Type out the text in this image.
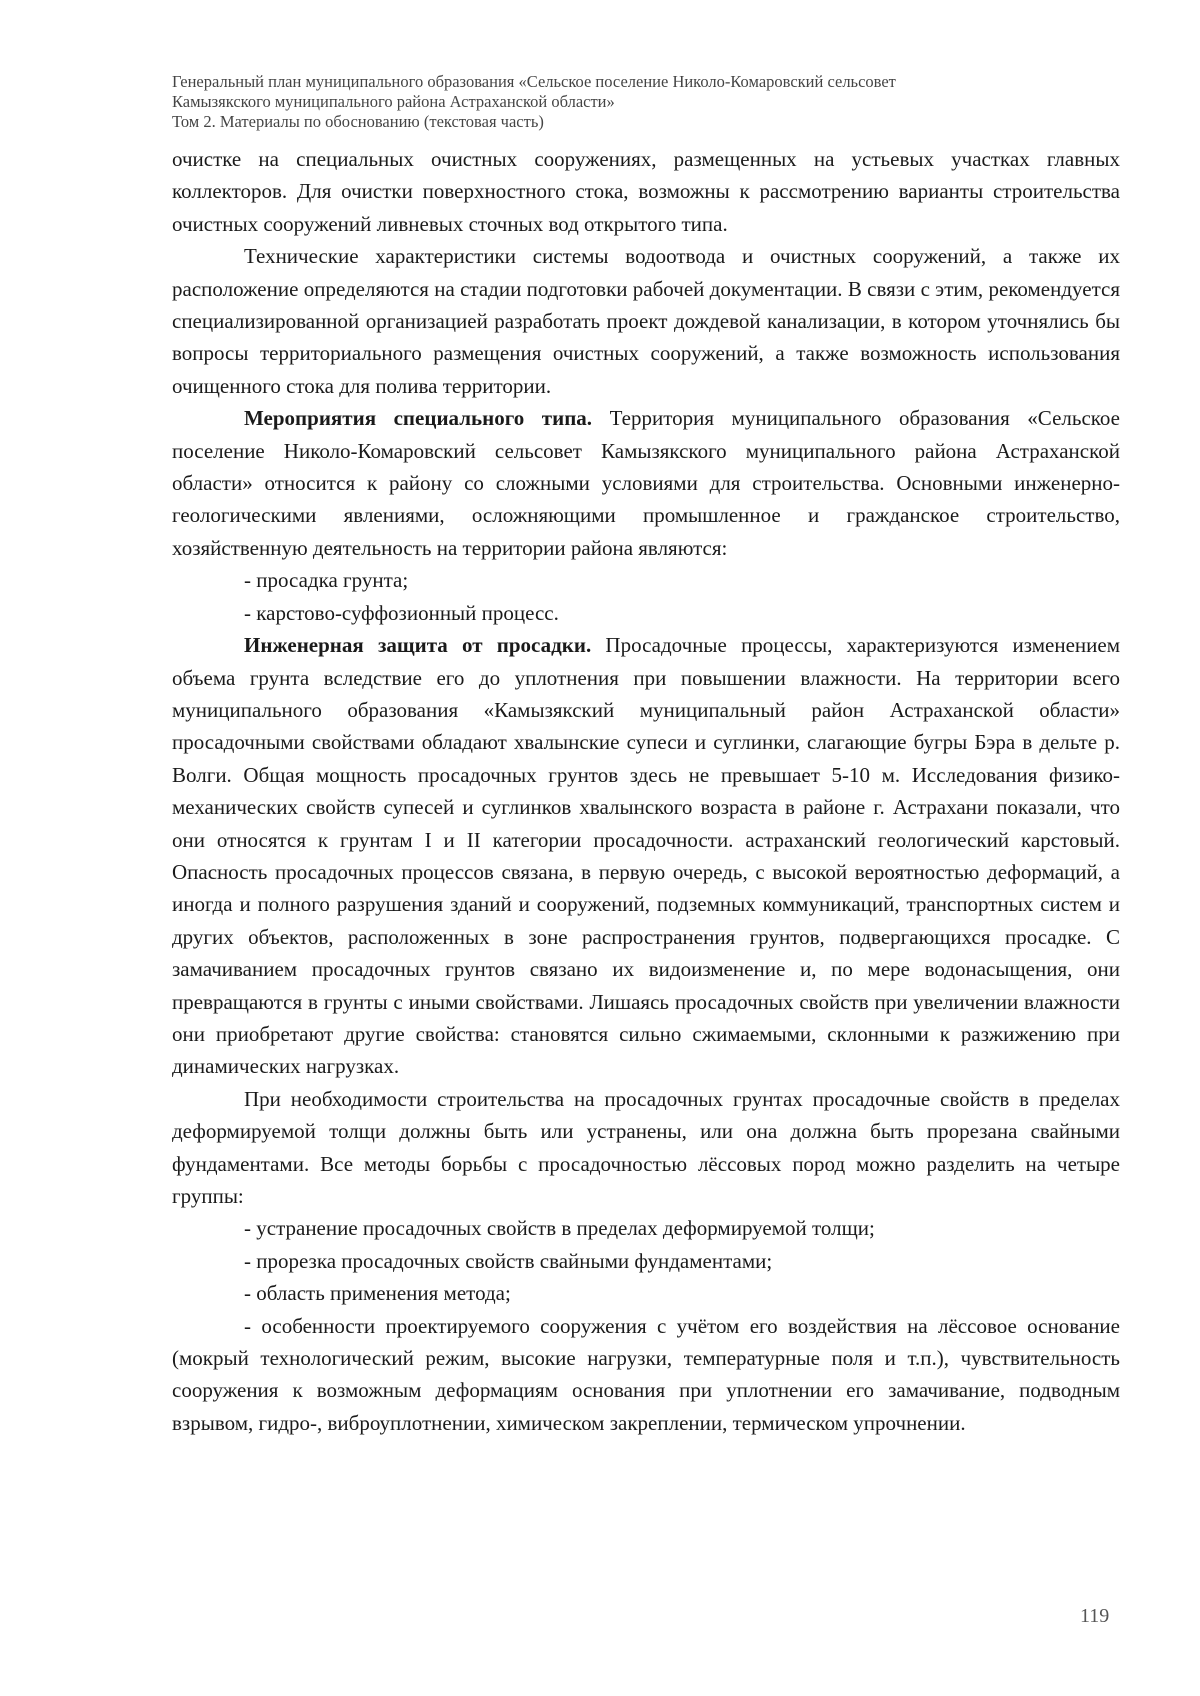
Генеральный план муниципального образования «Сельское поселение Николо-Комаровский сельсовет
Камызякского муниципального района Астраханской области»
Том 2. Материалы по обоснованию (текстовая часть)

очистке на специальных очистных сооружениях, размещенных на устьевых участках главных коллекторов. Для очистки поверхностного стока, возможны к рассмотрению варианты строительства очистных сооружений ливневых сточных вод открытого типа.

Технические характеристики системы водоотвода и очистных сооружений, а также их расположение определяются на стадии подготовки рабочей документации. В связи с этим, рекомендуется специализированной организацией разработать проект дождевой канализации, в котором уточнялись бы вопросы территориального размещения очистных сооружений, а также возможность использования очищенного стока для полива территории.

Мероприятия специального типа. Территория муниципального образования «Сельское поселение Николо-Комаровский сельсовет Камызякского муниципального района Астраханской области» относится к району со сложными условиями для строительства. Основными инженерно-геологическими явлениями, осложняющими промышленное и гражданское строительство, хозяйственную деятельность на территории района являются:

- просадка грунта;

- карстово-суффозионный процесс.

Инженерная защита от просадки. Просадочные процессы, характеризуются изменением объема грунта вследствие его до уплотнения при повышении влажности. На территории всего муниципального образования «Камызякский муниципальный район Астраханской области» просадочными свойствами обладают хвалынские супеси и суглинки, слагающие бугры Бэра в дельте р. Волги. Общая мощность просадочных грунтов здесь не превышает 5-10 м. Исследования физико-механических свойств супесей и суглинков хвалынского возраста в районе г. Астрахани показали, что они относятся к грунтам I и II категории просадочности. астраханский геологический карстовый. Опасность просадочных процессов связана, в первую очередь, с высокой вероятностью деформаций, а иногда и полного разрушения зданий и сооружений, подземных коммуникаций, транспортных систем и других объектов, расположенных в зоне распространения грунтов, подвергающихся просадке. С замачиванием просадочных грунтов связано их видоизменение и, по мере водонасыщения, они превращаются в грунты с иными свойствами. Лишаясь просадочных свойств при увеличении влажности они приобретают другие свойства: становятся сильно сжимаемыми, склонными к разжижению при динамических нагрузках.

При необходимости строительства на просадочных грунтах просадочные свойств в пределах деформируемой толщи должны быть или устранены, или она должна быть прорезана свайными фундаментами. Все методы борьбы с просадочностью лёссовых пород можно разделить на четыре группы:

- устранение просадочных свойств в пределах деформируемой толщи;

- прорезка просадочных свойств свайными фундаментами;

- область применения метода;

- особенности проектируемого сооружения с учётом его воздействия на лёссовое основание (мокрый технологический режим, высокие нагрузки, температурные поля и т.п.), чувствительность сооружения к возможным деформациям основания при уплотнении его замачивание, подводным взрывом, гидро-, виброуплотнении, химическом закреплении, термическом упрочнении.

119
